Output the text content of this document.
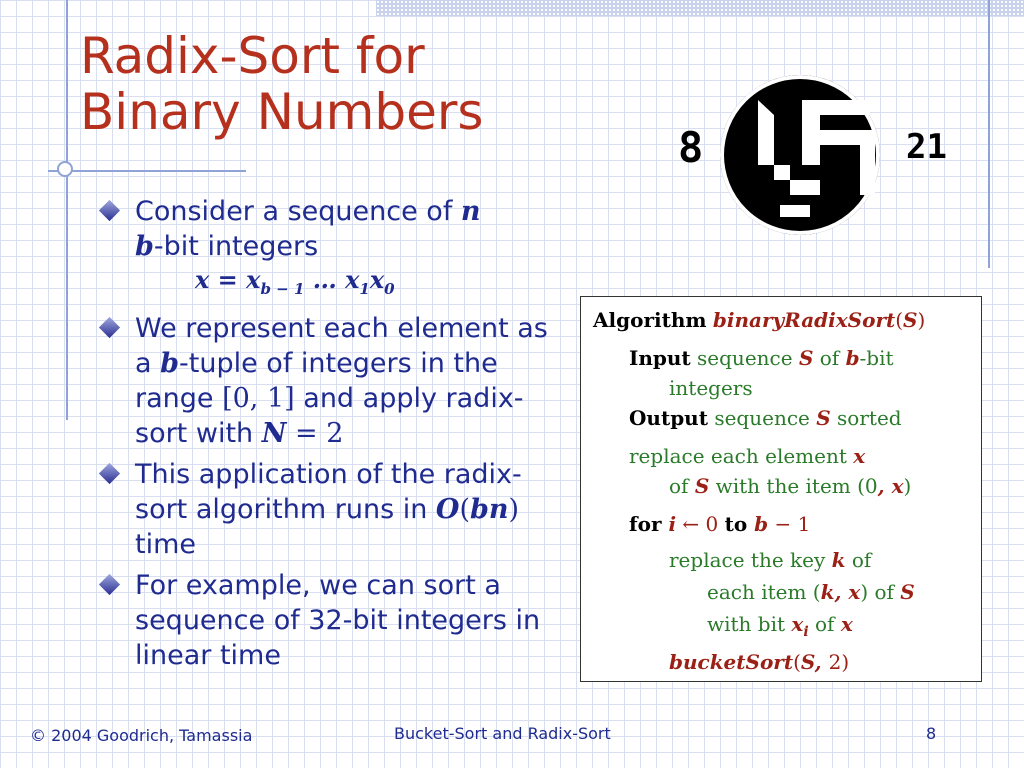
Radix-Sort for
Binary Numbers
8	21
Consider a sequence of n
b-bit integers
$x = x_{b - 1}$ … $x_1x_0$
We represent each element as a b-tuple of integers in the range [0, 1] and apply radix-sort with N = 2
This application of the radix-sort algorithm runs in O(bn) time
For example, we can sort a sequence of 32-bit integers in linear time
Algorithm binaryRadixSort(S)
Input sequence S of b-bit
integers
Output sequence S sorted
replace each element x
of S with the item (0, x)
for i ← 0 to b − 1
replace the key k of
each item (k, x) of S
with bit $x_i$ of x
bucketSort(S, 2)
© 2004 Goodrich, Tamassia	Bucket-Sort and Radix-Sort	8
